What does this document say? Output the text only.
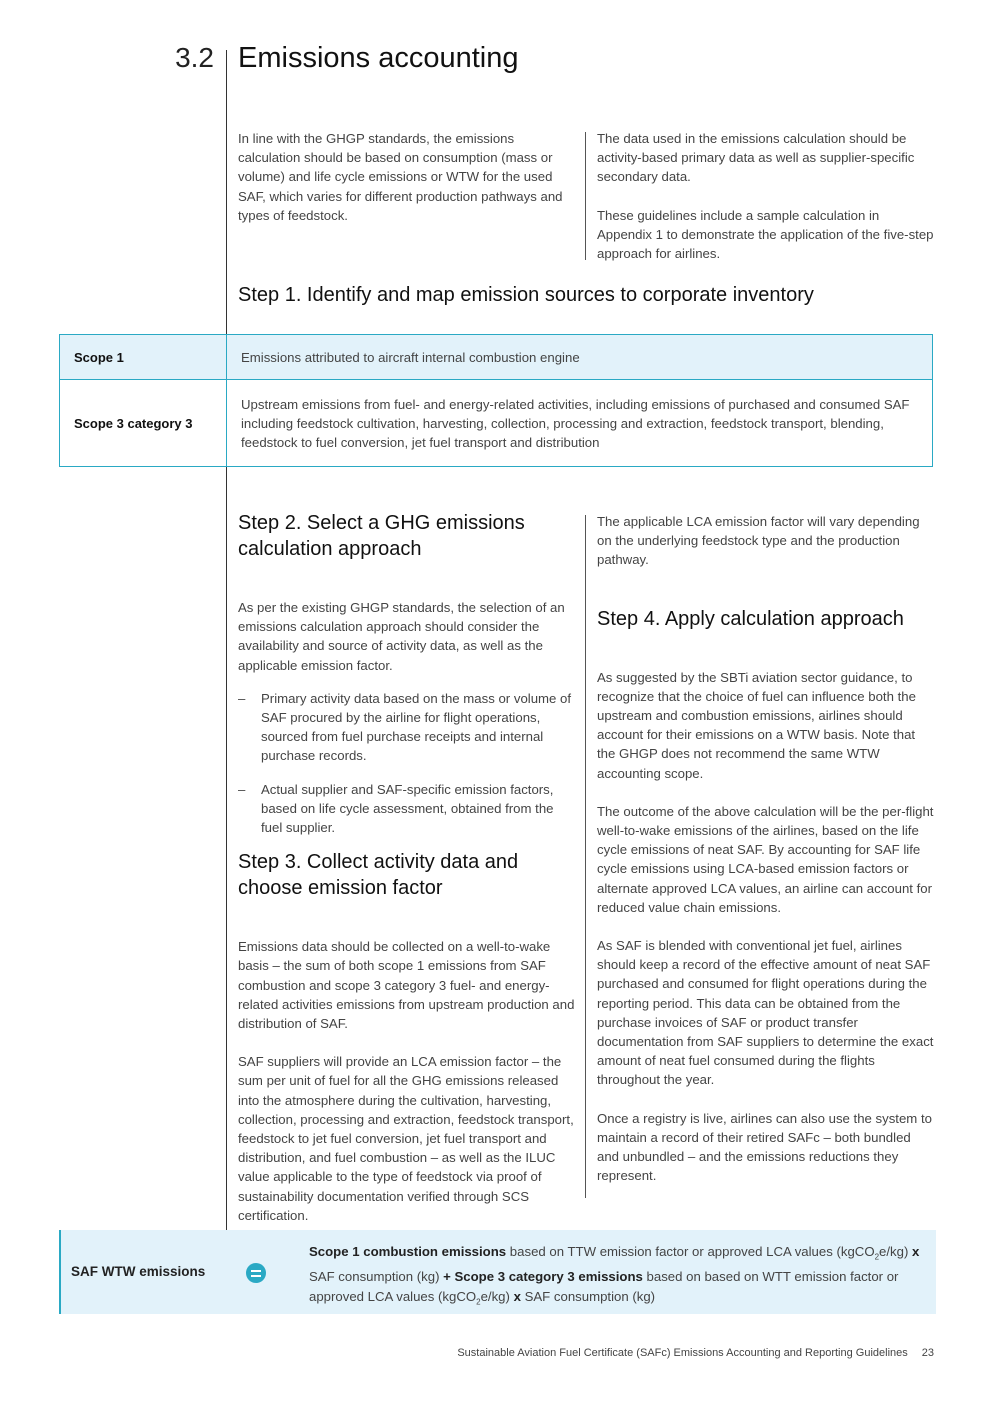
3.2 Emissions accounting

In line with the GHGP standards, the emissions calculation should be based on consumption (mass or volume) and life cycle emissions or WTW for the used SAF, which varies for different production pathways and types of feedstock.

The data used in the emissions calculation should be activity-based primary data as well as supplier-specific secondary data.

These guidelines include a sample calculation in Appendix 1 to demonstrate the application of the five-step approach for airlines.

Step 1. Identify and map emission sources to corporate inventory
Scope 1	Emissions attributed to aircraft internal combustion engine
Scope 3 category 3	Upstream emissions from fuel- and energy-related activities, including emissions of purchased and consumed SAF including feedstock cultivation, harvesting, collection, processing and extraction, feedstock transport, blending, feedstock to fuel conversion, jet fuel transport and distribution
Step 2. Select a GHG emissions calculation approach

As per the existing GHGP standards, the selection of an emissions calculation approach should consider the availability and source of activity data, as well as the applicable emission factor.

– Primary activity data based on the mass or volume of SAF procured by the airline for flight operations, sourced from fuel purchase receipts and internal purchase records.
– Actual supplier and SAF-specific emission factors, based on life cycle assessment, obtained from the fuel supplier.
Step 3. Collect activity data and choose emission factor

Emissions data should be collected on a well-to-wake basis – the sum of both scope 1 emissions from SAF combustion and scope 3 category 3 fuel- and energy-related activities emissions from upstream production and distribution of SAF.

SAF suppliers will provide an LCA emission factor – the sum per unit of fuel for all the GHG emissions released into the atmosphere during the cultivation, harvesting, collection, processing and extraction, feedstock transport, feedstock to jet fuel conversion, jet fuel transport and distribution, and fuel combustion – as well as the ILUC value applicable to the type of feedstock via proof of sustainability documentation verified through SCS certification.

The applicable LCA emission factor will vary depending on the underlying feedstock type and the production pathway.

Step 4. Apply calculation approach

As suggested by the SBTi aviation sector guidance, to recognize that the choice of fuel can influence both the upstream and combustion emissions, airlines should account for their emissions on a WTW basis. Note that the GHGP does not recommend the same WTW accounting scope.

The outcome of the above calculation will be the per-flight well-to-wake emissions of the airlines, based on the life cycle emissions of neat SAF. By accounting for SAF life cycle emissions using LCA-based emission factors or alternate approved LCA values, an airline can account for reduced value chain emissions.

As SAF is blended with conventional jet fuel, airlines should keep a record of the effective amount of neat SAF purchased and consumed for flight operations during the reporting period. This data can be obtained from the purchase invoices of SAF or product transfer documentation from SAF suppliers to determine the exact amount of neat fuel consumed during the flights throughout the year.

Once a registry is live, airlines can also use the system to maintain a record of their retired SAFc – both bundled and unbundled – and the emissions reductions they represent.

SAF WTW emissions
Scope 1 combustion emissions based on TTW emission factor or approved LCA values (kgCO$_2$e/kg) x SAF consumption (kg) + Scope 3 category 3 emissions based on based on WTT emission factor or approved LCA values (kgCO$_2$e/kg) x SAF consumption (kg)
Sustainable Aviation Fuel Certificate (SAFc) Emissions Accounting and Reporting Guidelines 23
